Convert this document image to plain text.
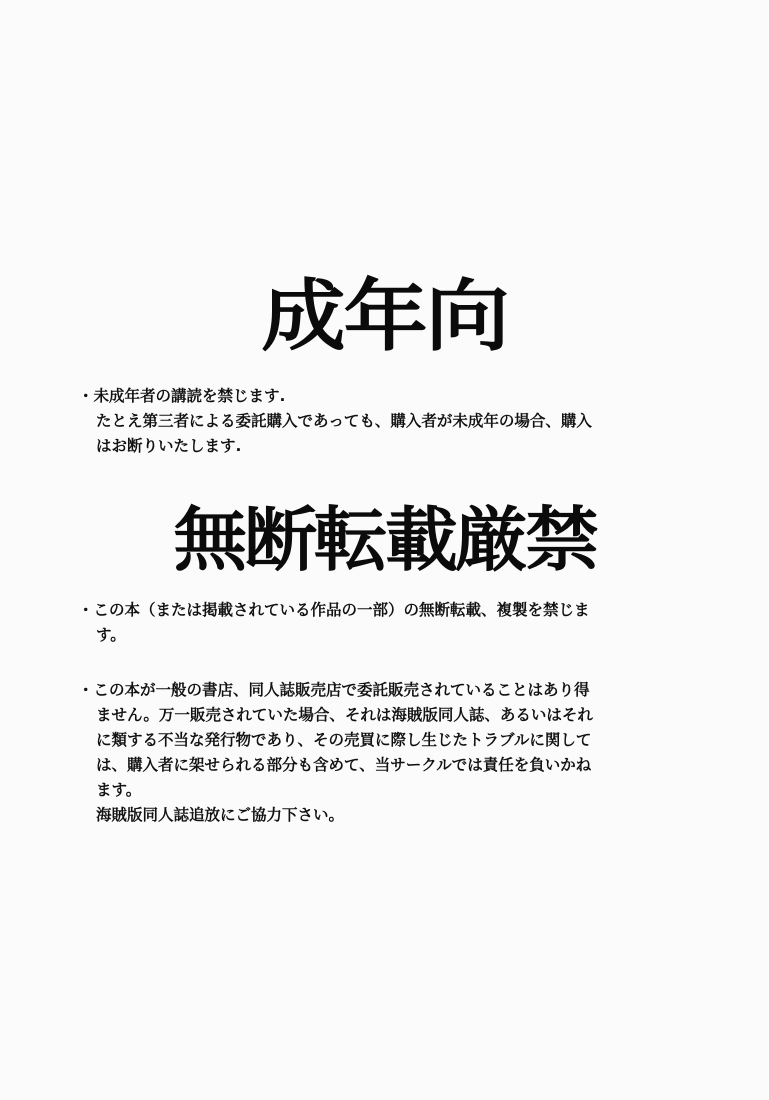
成年向
・未成年者の講読を禁じます.
たとえ第三者による委託購入であっても、購入者が未成年の場合、購入
はお断りいたします.
無断転載厳禁
・この本（または掲載されている作品の一部）の無断転載、複製を禁じま
す。
・この本が一般の書店、同人誌販売店で委託販売されていることはあり得
ません。万一販売されていた場合、それは海賊版同人誌、あるいはそれ
に類する不当な発行物であり、その売買に際し生じたトラブルに関して
は、購入者に架せられる部分も含めて、当サークルでは責任を負いかね
ます。
海賊版同人誌追放にご協力下さい。
